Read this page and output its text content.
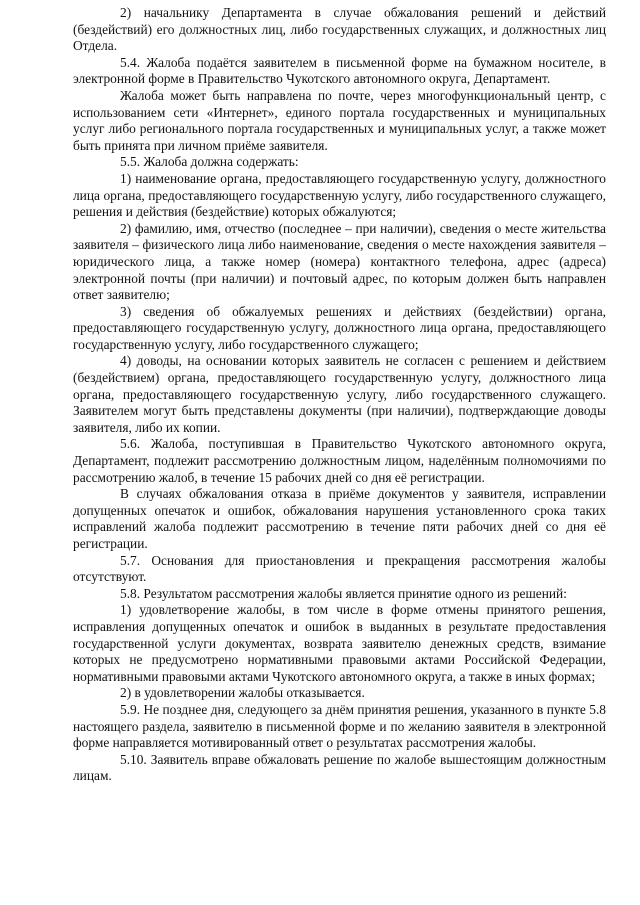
2) начальнику Департамента в случае обжалования решений и действий (бездействий) его должностных лиц, либо государственных служащих, и должностных лиц Отдела.

5.4. Жалоба подаётся заявителем в письменной форме на бумажном носителе, в электронной форме в Правительство Чукотского автономного округа, Департамент.

Жалоба может быть направлена по почте, через многофункциональный центр, с использованием сети «Интернет», единого портала государственных и муниципальных услуг либо регионального портала государственных и муниципальных услуг, а также может быть принята при личном приёме заявителя.

5.5. Жалоба должна содержать:

1) наименование органа, предоставляющего государственную услугу, должностного лица органа, предоставляющего государственную услугу, либо государственного служащего, решения и действия (бездействие) которых обжалуются;

2) фамилию, имя, отчество (последнее – при наличии), сведения о месте жительства заявителя – физического лица либо наименование, сведения о месте нахождения заявителя – юридического лица, а также номер (номера) контактного телефона, адрес (адреса) электронной почты (при наличии) и почтовый адрес, по которым должен быть направлен ответ заявителю;

3) сведения об обжалуемых решениях и действиях (бездействии) органа, предоставляющего государственную услугу, должностного лица органа, предоставляющего государственную услугу, либо государственного служащего;

4) доводы, на основании которых заявитель не согласен с решением и действием (бездействием) органа, предоставляющего государственную услугу, должностного лица органа, предоставляющего государственную услугу, либо государственного служащего. Заявителем могут быть представлены документы (при наличии), подтверждающие доводы заявителя, либо их копии.

5.6. Жалоба, поступившая в Правительство Чукотского автономного округа, Департамент, подлежит рассмотрению должностным лицом, наделённым полномочиями по рассмотрению жалоб, в течение 15 рабочих дней со дня её регистрации.

В случаях обжалования отказа в приёме документов у заявителя, исправлении допущенных опечаток и ошибок, обжалования нарушения установленного срока таких исправлений жалоба подлежит рассмотрению в течение пяти рабочих дней со дня её регистрации.

5.7. Основания для приостановления и прекращения рассмотрения жалобы отсутствуют.

5.8. Результатом рассмотрения жалобы является принятие одного из решений:

1) удовлетворение жалобы, в том числе в форме отмены принятого решения, исправления допущенных опечаток и ошибок в выданных в результате предоставления государственной услуги документах, возврата заявителю денежных средств, взимание которых не предусмотрено нормативными правовыми актами Российской Федерации, нормативными правовыми актами Чукотского автономного округа, а также в иных формах;

2) в удовлетворении жалобы отказывается.

5.9. Не позднее дня, следующего за днём принятия решения, указанного в пункте 5.8 настоящего раздела, заявителю в письменной форме и по желанию заявителя в электронной форме направляется мотивированный ответ о результатах рассмотрения жалобы.

5.10. Заявитель вправе обжаловать решение по жалобе вышестоящим должностным лицам.
